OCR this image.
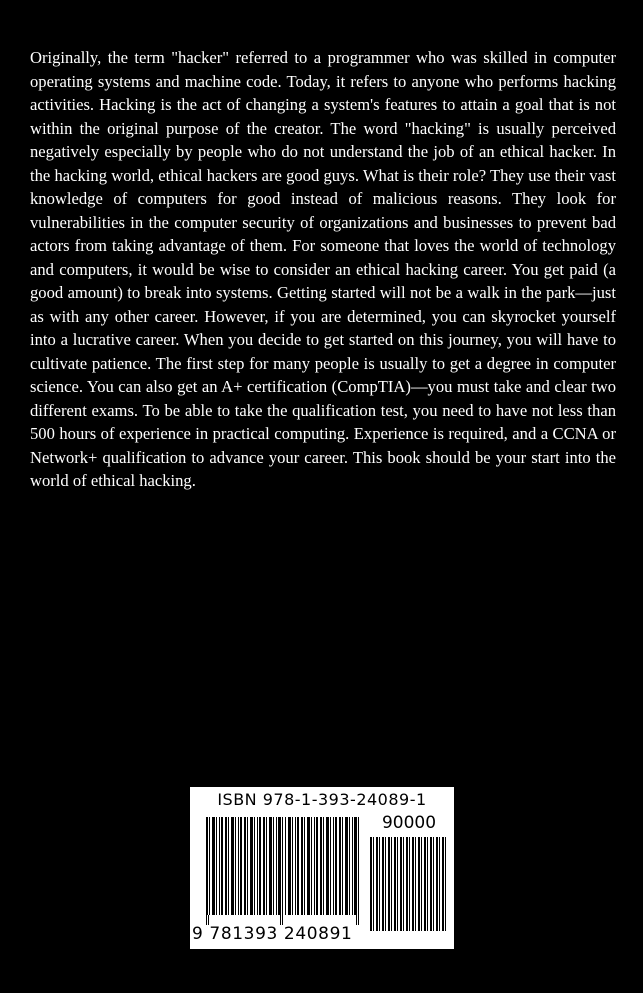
Originally, the term "hacker" referred to a programmer who was skilled in computer operating systems and machine code. Today, it refers to anyone who performs hacking activities. Hacking is the act of changing a system's features to attain a goal that is not within the original purpose of the creator. The word "hacking" is usually perceived negatively especially by people who do not understand the job of an ethical hacker. In the hacking world, ethical hackers are good guys. What is their role? They use their vast knowledge of computers for good instead of malicious reasons. They look for vulnerabilities in the computer security of organizations and businesses to prevent bad actors from taking advantage of them. For someone that loves the world of technology and computers, it would be wise to consider an ethical hacking career. You get paid (a good amount) to break into systems. Getting started will not be a walk in the park—just as with any other career. However, if you are determined, you can skyrocket yourself into a lucrative career. When you decide to get started on this journey, you will have to cultivate patience. The first step for many people is usually to get a degree in computer science. You can also get an A+ certification (CompTIA)—you must take and clear two different exams. To be able to take the qualification test, you need to have not less than 500 hours of experience in practical computing. Experience is required, and a CCNA or Network+ qualification to advance your career. This book should be your start into the world of ethical hacking.

ISBN 978-1-393-24089-1
90000
9 781393 240891
